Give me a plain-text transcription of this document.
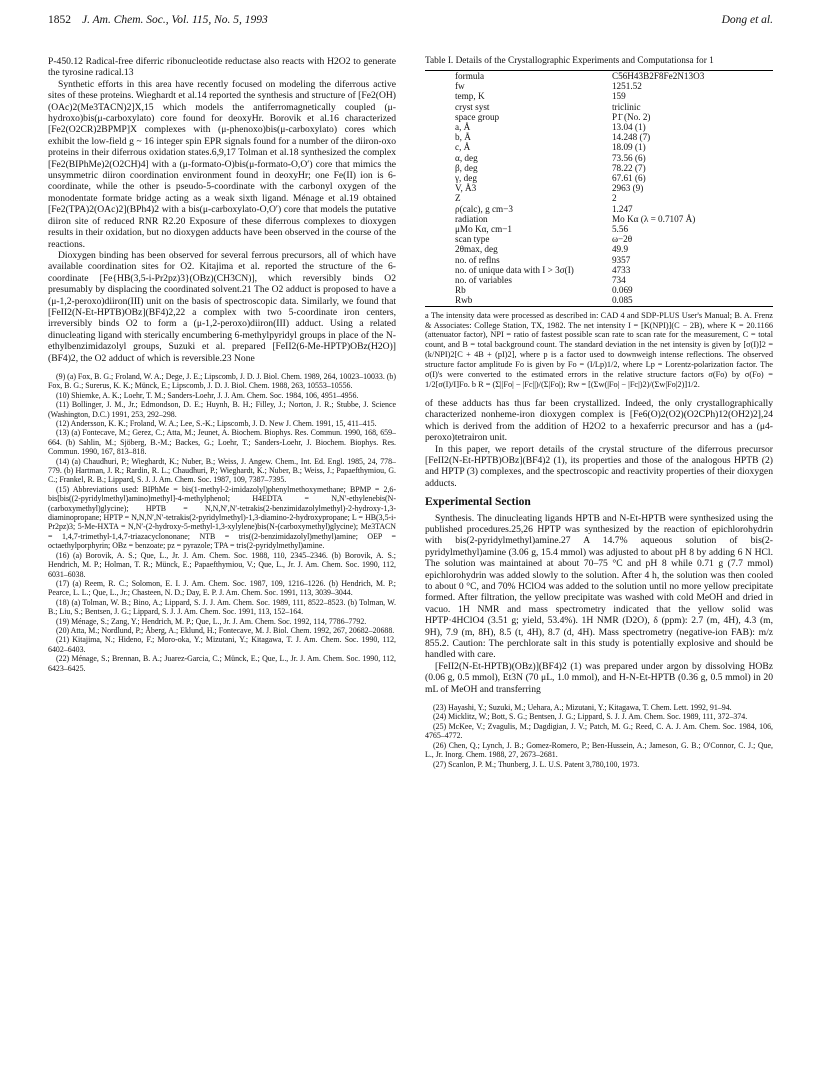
1852 J. Am. Chem. Soc., Vol. 115, No. 5, 1993	Dong et al.

P-450.12 Radical-free diferric ribonucleotide reductase also reacts with H2O2 to generate the tyrosine radical.13

Synthetic efforts in this area have recently focused on modeling the diferrous active sites of these proteins. Wieghardt et al.14 reported the synthesis and structure of [Fe2(OH)(OAc)2(Me3TACN)2]X,15 which models the antiferromagnetically coupled (μ-hydroxo)bis(μ-carboxylato) core found for deoxyHr. Borovik et al.16 characterized [Fe2(O2CR)2BPMP]X complexes with (μ-phenoxo)bis(μ-carboxylato) cores which exhibit the low-field g ~ 16 integer spin EPR signals found for a number of the diiron-oxo proteins in their diferrous oxidation states.6,9,17 Tolman et al.18 synthesized the complex [Fe2(BIPhMe)2(O2CH)4] with a (μ-formato-O)bis(μ-formato-O,O′) core that mimics the unsymmetric diiron coordination environment found in deoxyHr; one Fe(II) ion is 6-coordinate, while the other is pseudo-5-coordinate with the carbonyl oxygen of the monodentate formate bridge acting as a weak sixth ligand. Ménage et al.19 obtained [Fe2(TPA)2(OAc)2](BPh4)2 with a bis(μ-carboxylato-O,O′) core that models the putative diiron site of reduced RNR R2.20 Exposure of these diferrous complexes to dioxygen results in their oxidation, but no dioxygen adducts have been observed in the course of the reactions.

Dioxygen binding has been observed for several ferrous precursors, all of which have available coordination sites for O2. Kitajima et al. reported the structure of the 6-coordinate [Fe{HB(3,5-i-Pr2pz)3}(OBz)(CH3CN)], which reversibly binds O2 presumably by displacing the coordinated solvent.21 The O2 adduct is proposed to have a (μ-1,2-peroxo)diiron(III) unit on the basis of spectroscopic data. Similarly, we found that [FeII2(N-Et-HPTB)OBz](BF4)2,22 a complex with two 5-coordinate iron centers, irreversibly binds O2 to form a (μ-1,2-peroxo)diiron(III) adduct. Using a related dinucleating ligand with sterically encumbering 6-methylpyridyl groups in place of the N-ethylbenzimidazolyl groups, Suzuki et al. prepared [FeII2(6-Me-HPTP)OBz(H2O)](BF4)2, the O2 adduct of which is reversible.23 None

(9) (a) Fox, B. G.; Froland, W. A.; Dege, J. E.; Lipscomb, J. D. J. Biol. Chem. 1989, 264, 10023–10033. (b) Fox, B. G.; Surerus, K. K.; Münck, E.; Lipscomb, J. D. J. Biol. Chem. 1988, 263, 10553–10556.

(10) Shiemke, A. K.; Loehr, T. M.; Sanders-Loehr, J. J. Am. Chem. Soc. 1984, 106, 4951–4956.

(11) Bollinger, J. M., Jr.; Edmondson, D. E.; Huynh, B. H.; Filley, J.; Norton, J. R.; Stubbe, J. Science (Washington, D.C.) 1991, 253, 292–298.

(12) Andersson, K. K.; Froland, W. A.; Lee, S.-K.; Lipscomb, J. D. New J. Chem. 1991, 15, 411–415.

(13) (a) Fontecave, M.; Gerez, C.; Atta, M.; Jeunet, A. Biochem. Biophys. Res. Commun. 1990, 168, 659–664. (b) Sahlin, M.; Sjöberg, B.-M.; Backes, G.; Loehr, T.; Sanders-Loehr, J. Biochem. Biophys. Res. Commun. 1990, 167, 813–818.

(14) (a) Chaudhuri, P.; Wieghardt, K.; Nuber, B.; Weiss, J. Angew. Chem., Int. Ed. Engl. 1985, 24, 778–779. (b) Hartman, J. R.; Rardin, R. L.; Chaudhuri, P.; Wieghardt, K.; Nuber, B.; Weiss, J.; Papaefthymiou, G. C.; Frankel, R. B.; Lippard, S. J. J. Am. Chem. Soc. 1987, 109, 7387–7395.

(15) Abbreviations used: BIPhMe = bis(1-methyl-2-imidazolyl)phenylmethoxymethane; BPMP = 2,6-bis[bis((2-pyridylmethyl)amino)methyl]-4-methylphenol; H4EDTA = N,N′-ethylenebis(N-(carboxymethyl)glycine); HPTB = N,N,N′,N′-tetrakis(2-benzimidazolylmethyl)-2-hydroxy-1,3-diaminopropane; HPTP = N,N,N′,N′-tetrakis(2-pyridylmethyl)-1,3-diamino-2-hydroxypropane; L = HB(3,5-i-Pr2pz)3; 5-Me-HXTA = N,N′-(2-hydroxy-5-methyl-1,3-xylylene)bis(N-(carboxymethyl)glycine); Me3TACN = 1,4,7-trimethyl-1,4,7-triazacyclononane; NTB = tris((2-benzimidazolyl)methyl)amine; OEP = octaethylporphyrin; OBz = benzoate; pz = pyrazole; TPA = tris(2-pyridylmethyl)amine.

(16) (a) Borovik, A. S.; Que, L., Jr. J. Am. Chem. Soc. 1988, 110, 2345–2346. (b) Borovik, A. S.; Hendrich, M. P.; Holman, T. R.; Münck, E.; Papaefthymiou, V.; Que, L., Jr. J. Am. Chem. Soc. 1990, 112, 6031–6038.

(17) (a) Reem, R. C.; Solomon, E. I. J. Am. Chem. Soc. 1987, 109, 1216–1226. (b) Hendrich, M. P.; Pearce, L. L.; Que, L., Jr.; Chasteen, N. D.; Day, E. P. J. Am. Chem. Soc. 1991, 113, 3039–3044.

(18) (a) Tolman, W. B.; Bino, A.; Lippard, S. J. J. Am. Chem. Soc. 1989, 111, 8522–8523. (b) Tolman, W. B.; Liu, S.; Bentsen, J. G.; Lippard, S. J. J. Am. Chem. Soc. 1991, 113, 152–164.

(19) Ménage, S.; Zang, Y.; Hendrich, M. P.; Que, L., Jr. J. Am. Chem. Soc. 1992, 114, 7786–7792.

(20) Atta, M.; Nordlund, P.; Åberg, A.; Eklund, H.; Fontecave, M. J. Biol. Chem. 1992, 267, 20682–20688.

(21) Kitajima, N.; Hideno, F.; Moro-oka, Y.; Mizutani, Y.; Kitagawa, T. J. Am. Chem. Soc. 1990, 112, 6402–6403.

(22) Ménage, S.; Brennan, B. A.; Juarez-Garcia, C.; Münck, E.; Que, L., Jr. J. Am. Chem. Soc. 1990, 112, 6423–6425.

Table I. Details of the Crystallographic Experiments and Computationsa for 1
formula	C56H43B2F8Fe2N13O3
fw	1251.52
temp, K	159
cryst syst	triclinic
space group	P1̄ (No. 2)
a, Å	13.04 (1)
b, Å	14.248 (7)
c, Å	18.09 (1)
α, deg	73.56 (6)
β, deg	78.22 (7)
γ, deg	67.61 (6)
V, Å3	2963 (9)
Z	2
ρ(calc), g cm−3	1.247
radiation	Mo Kα (λ = 0.7107 Å)
μMo Kα, cm−1	5.56
scan type	ω−2θ
2θmax, deg	49.9
no. of reflns	9357
no. of unique data with I > 3σ(I)	4733
no. of variables	734
Rb	0.069
Rwb	0.085
a The intensity data were processed as described in: CAD 4 and SDP-PLUS User's Manual; B. A. Frenz & Associates: College Station, TX, 1982. The net intensity I = [K(NPI)](C − 2B), where K = 20.1166 (attenuator factor), NPI = ratio of fastest possible scan rate to scan rate for the measurement, C = total count, and B = total background count. The standard deviation in the net intensity is given by [σ(I)]2 = (k/NPI)2[C + 4B + (pI)2], where p is a factor used to downweigh intense reflections. The observed structure factor amplitude Fo is given by Fo = (I/Lp)1/2, where Lp = Lorentz-polarization factor. The σ(I)'s were converted to the estimated errors in the relative structure factors σ(Fo) by σ(Fo) = 1/2[σ(I)/I]Fo. b R = (Σ||Fo| − |Fc||)/(Σ|Fo|); Rw = [(Σw(|Fo| − |Fc|)2)/(Σw|Fo|2)]1/2.

of these adducts has thus far been crystallized. Indeed, the only crystallographically characterized nonheme-iron dioxygen complex is [Fe6(O)2(O2)(O2CPh)12(OH2)2],24 which is derived from the addition of H2O2 to a hexaferric precursor and has a (μ4-peroxo)tetrairon unit.

In this paper, we report details of the crystal structure of the diferrous precursor [FeII2(N-Et-HPTB)OBz](BF4)2 (1), its properties and those of the analogous HPTB (2) and HPTP (3) complexes, and the spectroscopic and reactivity properties of their dioxygen adducts.

Experimental Section

Synthesis. The dinucleating ligands HPTB and N-Et-HPTB were synthesized using the published procedures.25,26 HPTP was synthesized by the reaction of epichlorohydrin with bis(2-pyridylmethyl)amine.27 A 14.7% aqueous solution of bis(2-pyridylmethyl)amine (3.06 g, 15.4 mmol) was adjusted to about pH 8 by adding 6 N HCl. The solution was maintained at about 70–75 °C and pH 8 while 0.71 g (7.7 mmol) epichlorohydrin was added slowly to the solution. After 4 h, the solution was then cooled to about 0 °C, and 70% HClO4 was added to the solution until no more yellow precipitate formed. After filtration, the yellow precipitate was washed with cold MeOH and dried in vacuo. 1H NMR and mass spectrometry indicated that the yellow solid was HPTP·4HClO4 (3.51 g; yield, 53.4%). 1H NMR (D2O), δ (ppm): 2.7 (m, 4H), 4.3 (m, 9H), 7.9 (m, 8H), 8.5 (t, 4H), 8.7 (d, 4H). Mass spectrometry (negative-ion FAB): m/z 855.2. Caution: The perchlorate salt in this study is potentially explosive and should be handled with care.

[FeII2(N-Et-HPTB)(OBz)](BF4)2 (1) was prepared under argon by dissolving HOBz (0.06 g, 0.5 mmol), Et3N (70 μL, 1.0 mmol), and H-N-Et-HPTB (0.36 g, 0.5 mmol) in 20 mL of MeOH and transferring

(23) Hayashi, Y.; Suzuki, M.; Uehara, A.; Mizutani, Y.; Kitagawa, T. Chem. Lett. 1992, 91–94.

(24) Micklitz, W.; Bott, S. G.; Bentsen, J. G.; Lippard, S. J. J. Am. Chem. Soc. 1989, 111, 372–374.

(25) McKee, V.; Zvagulis, M.; Dagdigian, J. V.; Patch, M. G.; Reed, C. A. J. Am. Chem. Soc. 1984, 106, 4765–4772.

(26) Chen, Q.; Lynch, J. B.; Gomez-Romero, P.; Ben-Hussein, A.; Jameson, G. B.; O'Connor, C. J.; Que, L., Jr. Inorg. Chem. 1988, 27, 2673–2681.

(27) Scanlon, P. M.; Thunberg, J. L. U.S. Patent 3,780,100, 1973.
